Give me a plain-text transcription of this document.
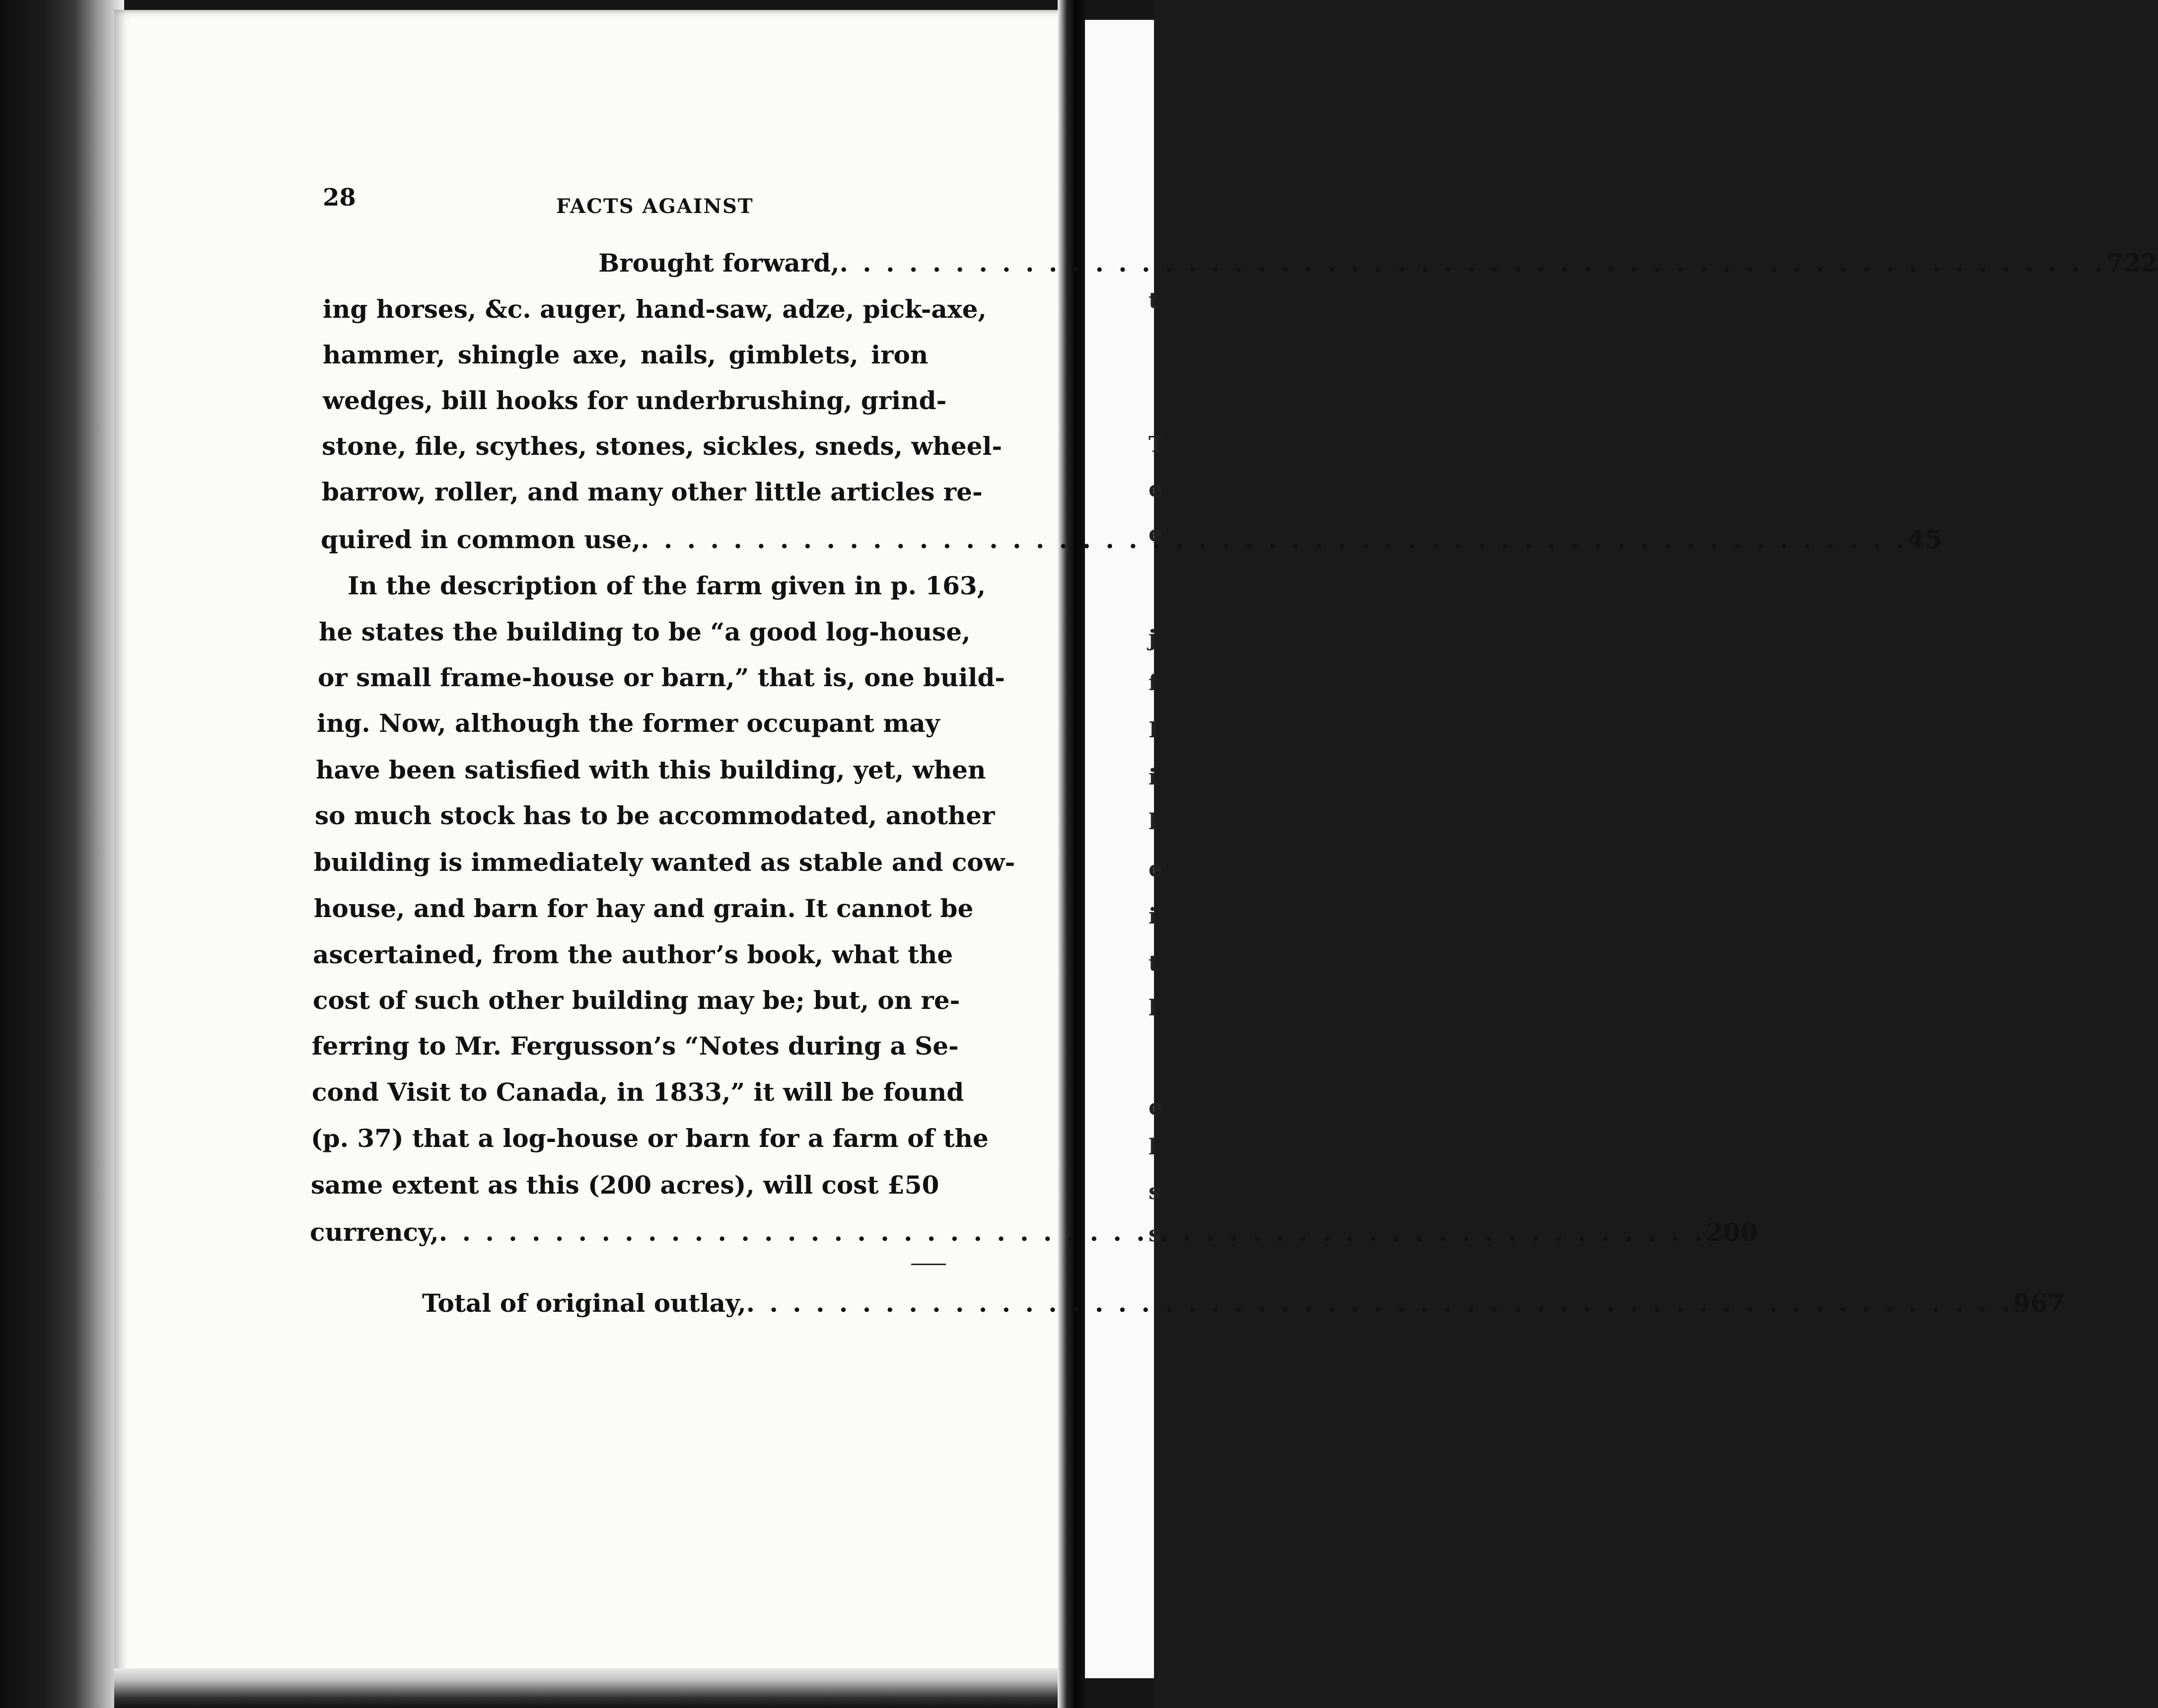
t
T
e
e
j
f
I
i
l
e
i
t
l
e
l
s
s
28	FACTS AGAINST
Brought forward, . . .	722
ing horses, &c. auger, hand-saw, adze, pick-axe,
hammer, shingle axe, nails, gimblets, iron
wedges, bill hooks for underbrushing, grind-
stone, file, scythes, stones, sickles, sneds, wheel-
barrow, roller, and many other little articles re-
quired in common use, . . .	45
In the description of the farm given in p. 163,
he states the building to be “a good log-house,
or small frame-house or barn,” that is, one build-
ing. Now, although the former occupant may
have been satisfied with this building, yet, when
so much stock has to be accommodated, another
building is immediately wanted as stable and cow-
house, and barn for hay and grain. It cannot be
ascertained, from the author’s book, what the
cost of such other building may be; but, on re-
ferring to Mr. Fergusson’s “Notes during a Se-
cond Visit to Canada, in 1833,” it will be found
(p. 37) that a log-house or barn for a farm of the
same extent as this (200 acres), will cost £50
currency, . . .	200
Total of original outlay, . . .	967
